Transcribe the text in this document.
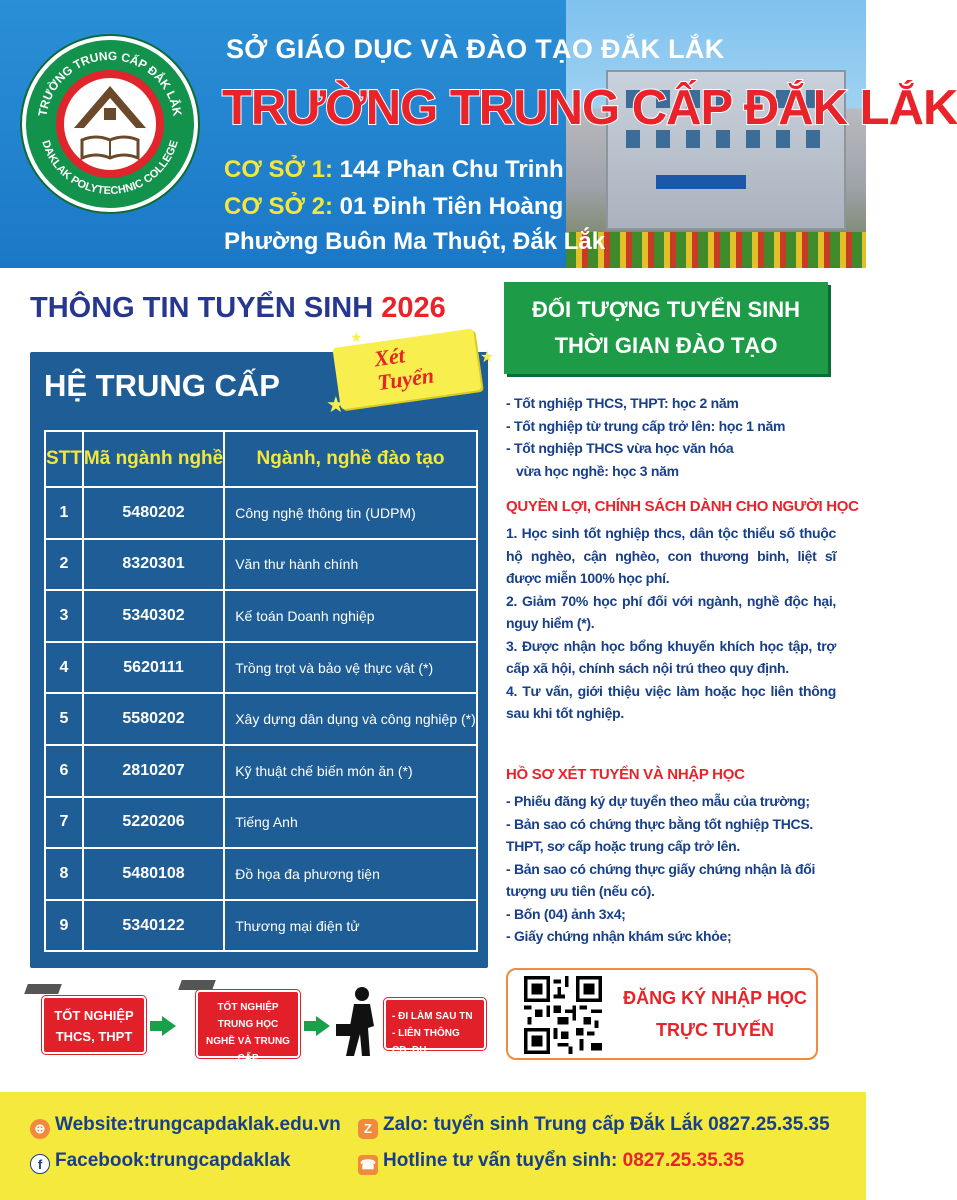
TRƯỜNG TRUNG CẤP ĐẮK LẮK
DAKLAK POLYTECHNIC COLLEGE
SỞ GIÁO DỤC VÀ ĐÀO TẠO ĐẮK LẮK
TRƯỜNG TRUNG CẤP ĐẮK LẮK
CƠ SỞ 1: 144 Phan Chu Trinh
CƠ SỞ 2: 01 Đinh Tiên Hoàng
Phường Buôn Ma Thuột, Đắk Lắk
THÔNG TIN TUYỂN SINH 2026
HỆ TRUNG CẤP
Xét
Tuyển
★
★
★
STT	Mã ngành nghề	Ngành, nghề đào tạo
1	5480202	Công nghệ thông tin (UDPM)
2	8320301	Văn thư hành chính
3	5340302	Kế toán Doanh nghiệp
4	5620111	Trồng trọt và bảo vệ thực vật (*)
5	5580202	Xây dựng dân dụng và công nghiệp (*)
6	2810207	Kỹ thuật chế biến món ăn (*)
7	5220206	Tiếng Anh
8	5480108	Đồ họa đa phương tiện
9	5340122	Thương mại điện tử
TỐT NGHIỆP THCS, THPT
TỐT NGHIỆP TRUNG HỌC NGHỀ VÀ TRUNG CẤP
- ĐI LÀM SAU TN
- LIÊN THÔNG CĐ, ĐH
ĐỐI TƯỢNG TUYỂN SINH
THỜI GIAN ĐÀO TẠO
- Tốt nghiệp THCS, THPT: học 2 năm
- Tốt nghiệp từ trung cấp trở lên: học 1 năm
- Tốt nghiệp THCS vừa học văn hóa
vừa học nghề: học 3 năm
QUYỀN LỢI, CHÍNH SÁCH DÀNH CHO NGƯỜI HỌC
1. Học sinh tốt nghiệp thcs, dân tộc thiểu số thuộc hộ nghèo, cận nghèo, con thương binh, liệt sĩ được miễn 100% học phí.
2. Giảm 70% học phí đối với ngành, nghề độc hại, nguy hiểm (*).
3. Được nhận học bổng khuyến khích học tập, trợ cấp xã hội, chính sách nội trú theo quy định.
4. Tư vấn, giới thiệu việc làm hoặc học liên thông sau khi tốt nghiệp.
HỒ SƠ XÉT TUYỂN VÀ NHẬP HỌC
- Phiếu đăng ký dự tuyển theo mẫu của trường;
- Bản sao có chứng thực bằng tốt nghiệp THCS. THPT, sơ cấp hoặc trung cấp trở lên.
- Bản sao có chứng thực giấy chứng nhận là đối tượng ưu tiên (nếu có).
- Bốn (04) ảnh 3x4;
- Giấy chứng nhận khám sức khỏe;
ĐĂNG KÝ NHẬP HỌC
TRỰC TUYẾN
⊕ Website:trungcapdaklak.edu.vn
f Facebook:trungcapdaklak
Z Zalo: tuyển sinh Trung cấp Đắk Lắk 0827.25.35.35
☎ Hotline tư vấn tuyển sinh: 0827.25.35.35
